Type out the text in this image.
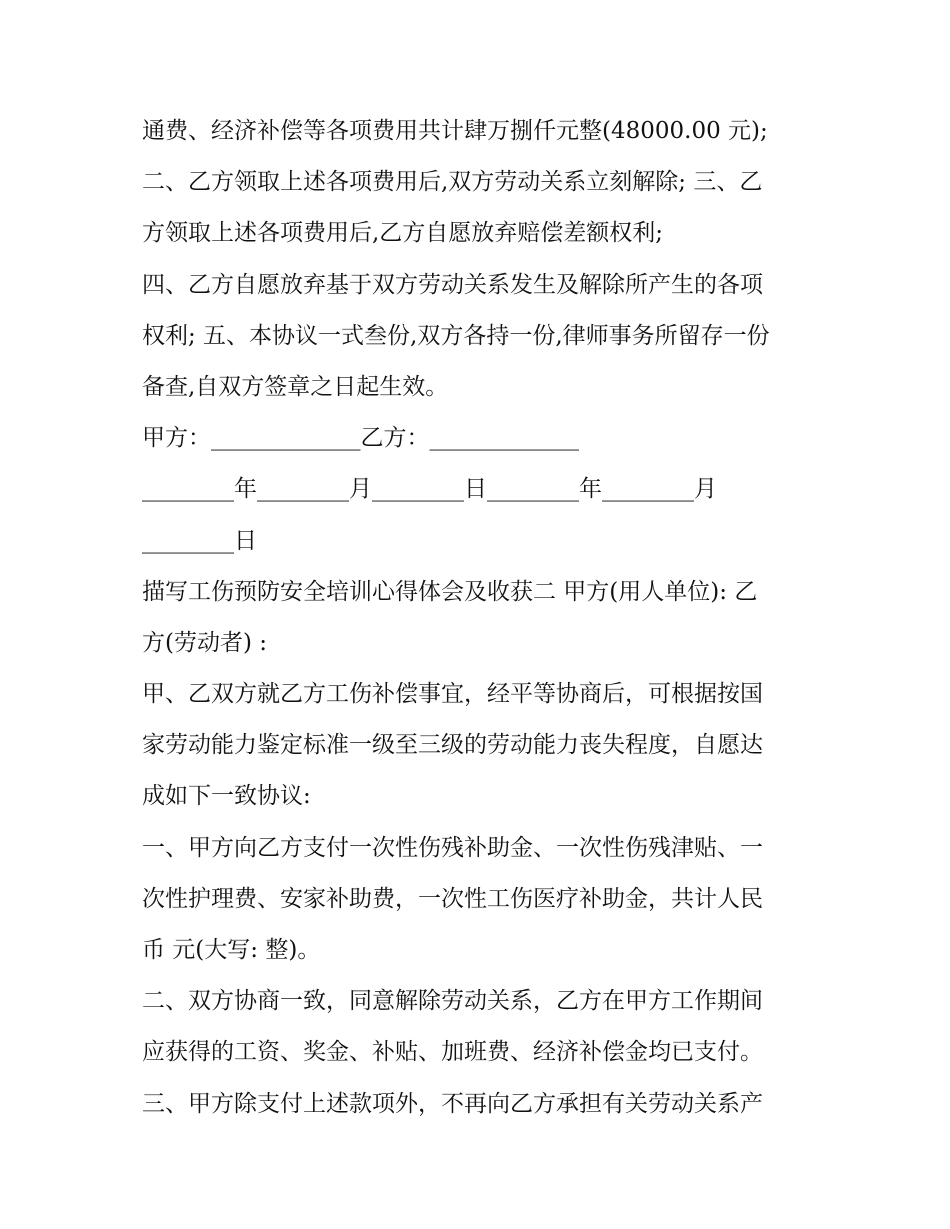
通费、经济补偿等各项费用共计肆万捌仟元整(48000.00 元);
二、乙方领取上述各项费用后,双方劳动关系立刻解除; 三、乙
方领取上述各项费用后,乙方自愿放弃赔偿差额权利;
四、乙方自愿放弃基于双方劳动关系发生及解除所产生的各项
权利; 五、本协议一式叁份,双方各持一份,律师事务所留存一份
备查,自双方签章之日起生效。
甲方：_____________乙方：_____________
________年________月________日________年________月
________日
描写工伤预防安全培训心得体会及收获二 甲方(用人单位): 乙
方(劳动者) :
甲、乙双方就乙方工伤补偿事宜，经平等协商后，可根据按国
家劳动能力鉴定标准一级至三级的劳动能力丧失程度，自愿达
成如下一致协议:
一、甲方向乙方支付一次性伤残补助金、一次性伤残津贴、一
次性护理费、安家补助费，一次性工伤医疗补助金，共计人民
币 元(大写: 整)。
二、双方协商一致，同意解除劳动关系，乙方在甲方工作期间
应获得的工资、奖金、补贴、加班费、经济补偿金均已支付。
三、甲方除支付上述款项外，不再向乙方承担有关劳动关系产
